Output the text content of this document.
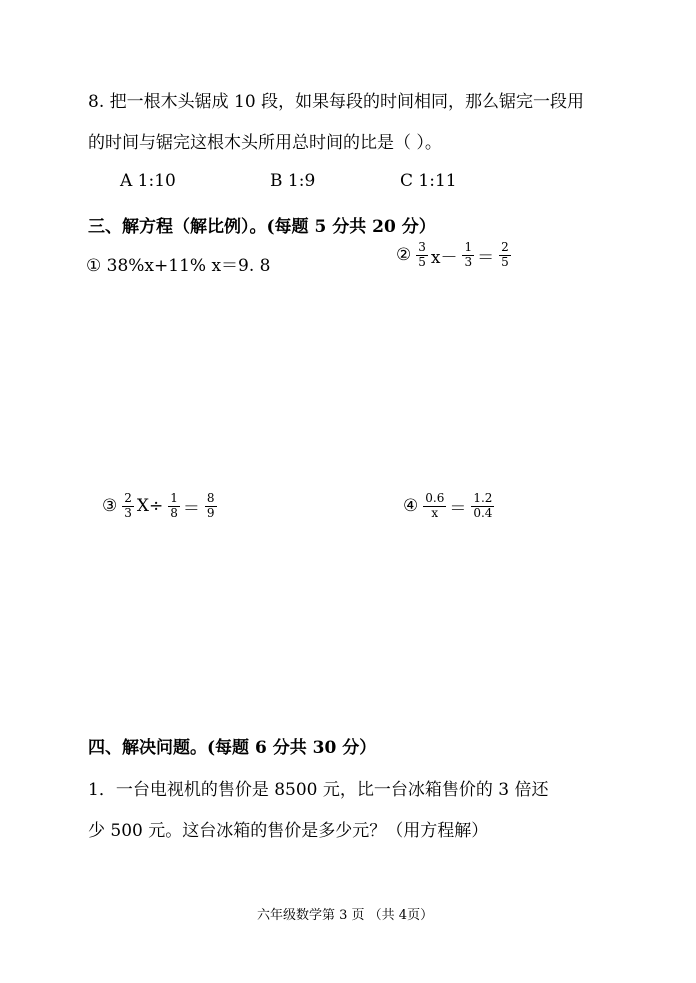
8. 把一根木头锯成 10 段，如果每段的时间相同，那么锯完一段用
的时间与锯完这根木头所用总时间的比是（ ）。
A 1:10	B 1:9	C 1:11
三、解方程（解比例）。(每题 5 分共 20 分）
① 38%x+11% x＝9. 8
② $\frac{3}{5} x- \frac{1}{3} = \frac{2}{5}$
③ $\frac{2}{3} X\div \frac{1}{8} = \frac{8}{9}$	④ $\frac{0.6}{x} = \frac{1.2}{0.4}$
四、解决问题。(每题 6 分共 30 分）
1．一台电视机的售价是 8500 元，比一台冰箱售价的 3 倍还
少 500 元。这台冰箱的售价是多少元？（用方程解）
六年级数学第 3 页 （共 4页）
